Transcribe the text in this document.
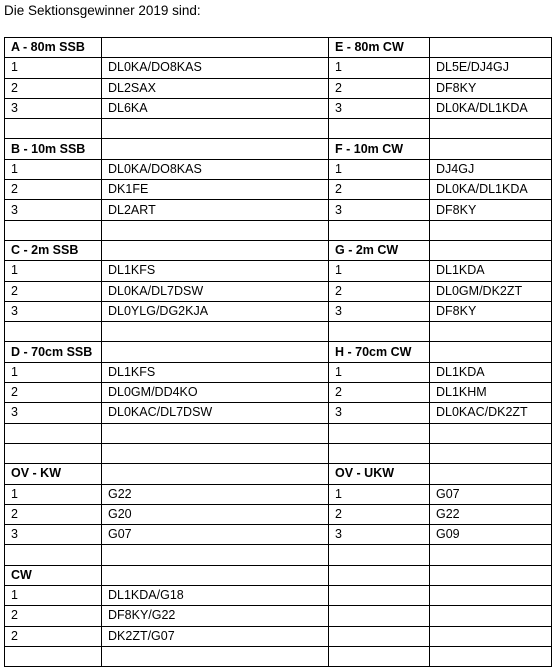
Die Sektionsgewinner 2019 sind:
A - 80m SSB		E - 80m CW	
1	DL0KA/DO8KAS	1	DL5E/DJ4GJ
2	DL2SAX	2	DF8KY
3	DL6KA	3	DL0KA/DL1KDA

B - 10m SSB		F - 10m CW	
1	DL0KA/DO8KAS	1	DJ4GJ
2	DK1FE	2	DL0KA/DL1KDA
3	DL2ART	3	DF8KY

C - 2m SSB		G - 2m CW	
1	DL1KFS	1	DL1KDA
2	DL0KA/DL7DSW	2	DL0GM/DK2ZT
3	DL0YLG/DG2KJA	3	DF8KY

D - 70cm SSB		H - 70cm CW	
1	DL1KFS	1	DL1KDA
2	DL0GM/DD4KO	2	DL1KHM
3	DL0KAC/DL7DSW	3	DL0KAC/DK2ZT

OV - KW		OV - UKW	
1	G22	1	G07
2	G20	2	G22
3	G07	3	G09

CW			
1	DL1KDA/G18		
2	DF8KY/G22		
2	DK2ZT/G07		
